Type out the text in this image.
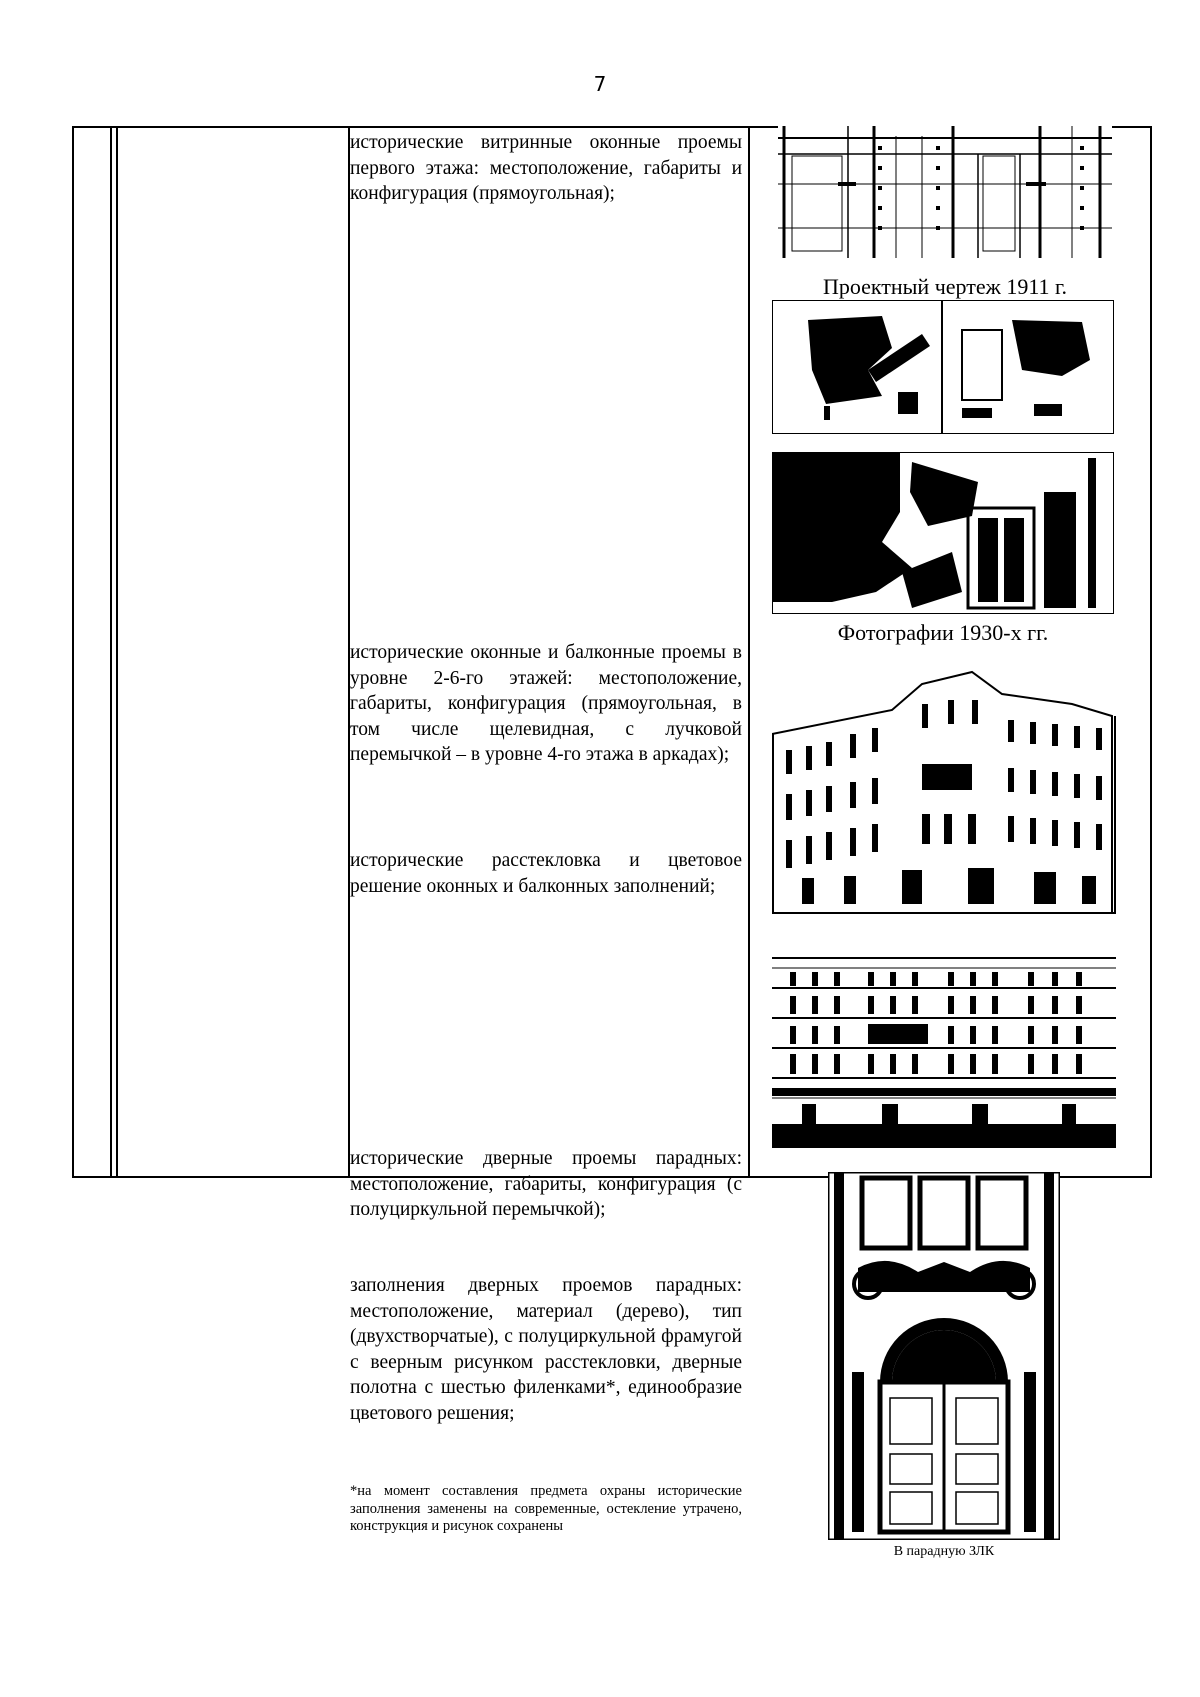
7
исторические витринные оконные проемы первого этажа: местоположение, габариты и конфигурация (прямоугольная);
исторические оконные и балконные проемы в уровне 2-6-го этажей: местоположение, габариты, конфигурация (прямоугольная, в том числе щелевидная, с лучковой перемычкой – в уровне 4-го этажа в аркадах);
исторические расстекловка и цветовое решение оконных и балконных заполнений;
исторические дверные проемы парадных: местоположение, габариты, конфигурация (с полуциркульной перемычкой);
заполнения дверных проемов парадных: местоположение, материал (дерево), тип (двухстворчатые), с полуциркульной фрамугой с веерным рисунком расстекловки, дверные полотна с шестью филенками*, единообразие цветового решения;
*на момент составления предмета охраны исторические заполнения заменены на современные, остекление утрачено, конструкция и рисунок сохранены
Проектный чертеж 1911 г.
Фотографии 1930-х гг.
В парадную ЗЛК
